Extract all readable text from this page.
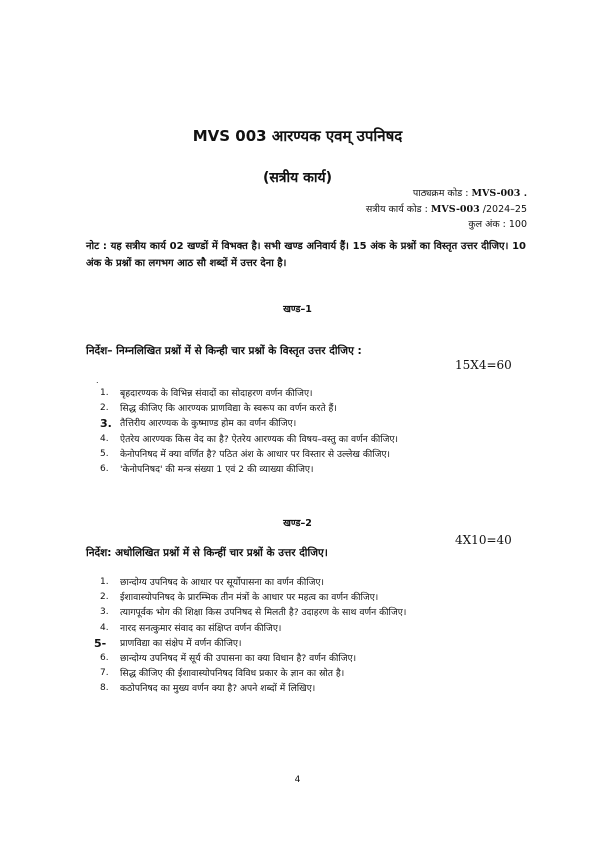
MVS 003 आरण्यक एवम् उपनिषद
(सत्रीय कार्य)
पाठ्यक्रम कोड : MVS-003 .
सत्रीय कार्य कोड : MVS-003 /2024–25
कुल अंक : 100
नोट : यह सत्रीय कार्य 02 खण्डों में विभक्त है। सभी खण्ड अनिवार्य हैं। 15 अंक के प्रश्नों का विस्तृत उत्तर दीजिए। 10 अंक के प्रश्नों का लगभग आठ सौ शब्दों में उत्तर देना है।
खण्ड–1
निर्देश– निम्नलिखित प्रश्नों में से किन्ही चार प्रश्नों के विस्तृत उत्तर दीजिए :
15X4=60
.
1. बृहदारण्यक के विभिन्न संवादों का सोदाहरण वर्णन कीजिए।
2. सिद्ध कीजिए कि आरण्यक प्राणविद्या के स्वरूप का वर्णन करते हैं।
3. तैत्तिरीय आरण्यक के कुष्माण्ड होम का वर्णन कीजिए।
4. ऐतरेय आरण्यक किस वेद का है? ऐतरेय आरण्यक की विषय–वस्तु का वर्णन कीजिए।
5. केनोपनिषद में क्या वर्णित है? पठित अंश के आधार पर विस्तार से उल्लेख कीजिए।
6. 'केनोपनिषद' की मन्त्र संख्या 1 एवं 2 की व्याख्या कीजिए।
खण्ड–2
4X10=40
निर्देश: अधोलिखित प्रश्नों में से किन्हीं चार प्रश्नों के उत्तर दीजिए।
1. छान्दोग्य उपनिषद के आधार पर सूर्योपासना का वर्णन कीजिए।
2. ईशावास्योपनिषद के प्रारम्भिक तीन मंत्रों के आधार पर महत्व का वर्णन कीजिए।
3. त्यागपूर्वक भोग की शिक्षा किस उपनिषद से मिलती है? उदाहरण के साथ वर्णन कीजिए।
4. नारद सनत्कुमार संवाद का संक्षिप्त वर्णन कीजिए।
5- प्राणविद्या का संक्षेप में वर्णन कीजिए।
6. छान्दोग्य उपनिषद में सूर्य की उपासना का क्या विधान है? वर्णन कीजिए।
7. सिद्ध कीजिए की ईशावास्योपनिषद विविध प्रकार के ज्ञान का स्रोत है।
8. कठोपनिषद का मुख्य वर्णन क्या है? अपने शब्दों में लिखिए।
4
